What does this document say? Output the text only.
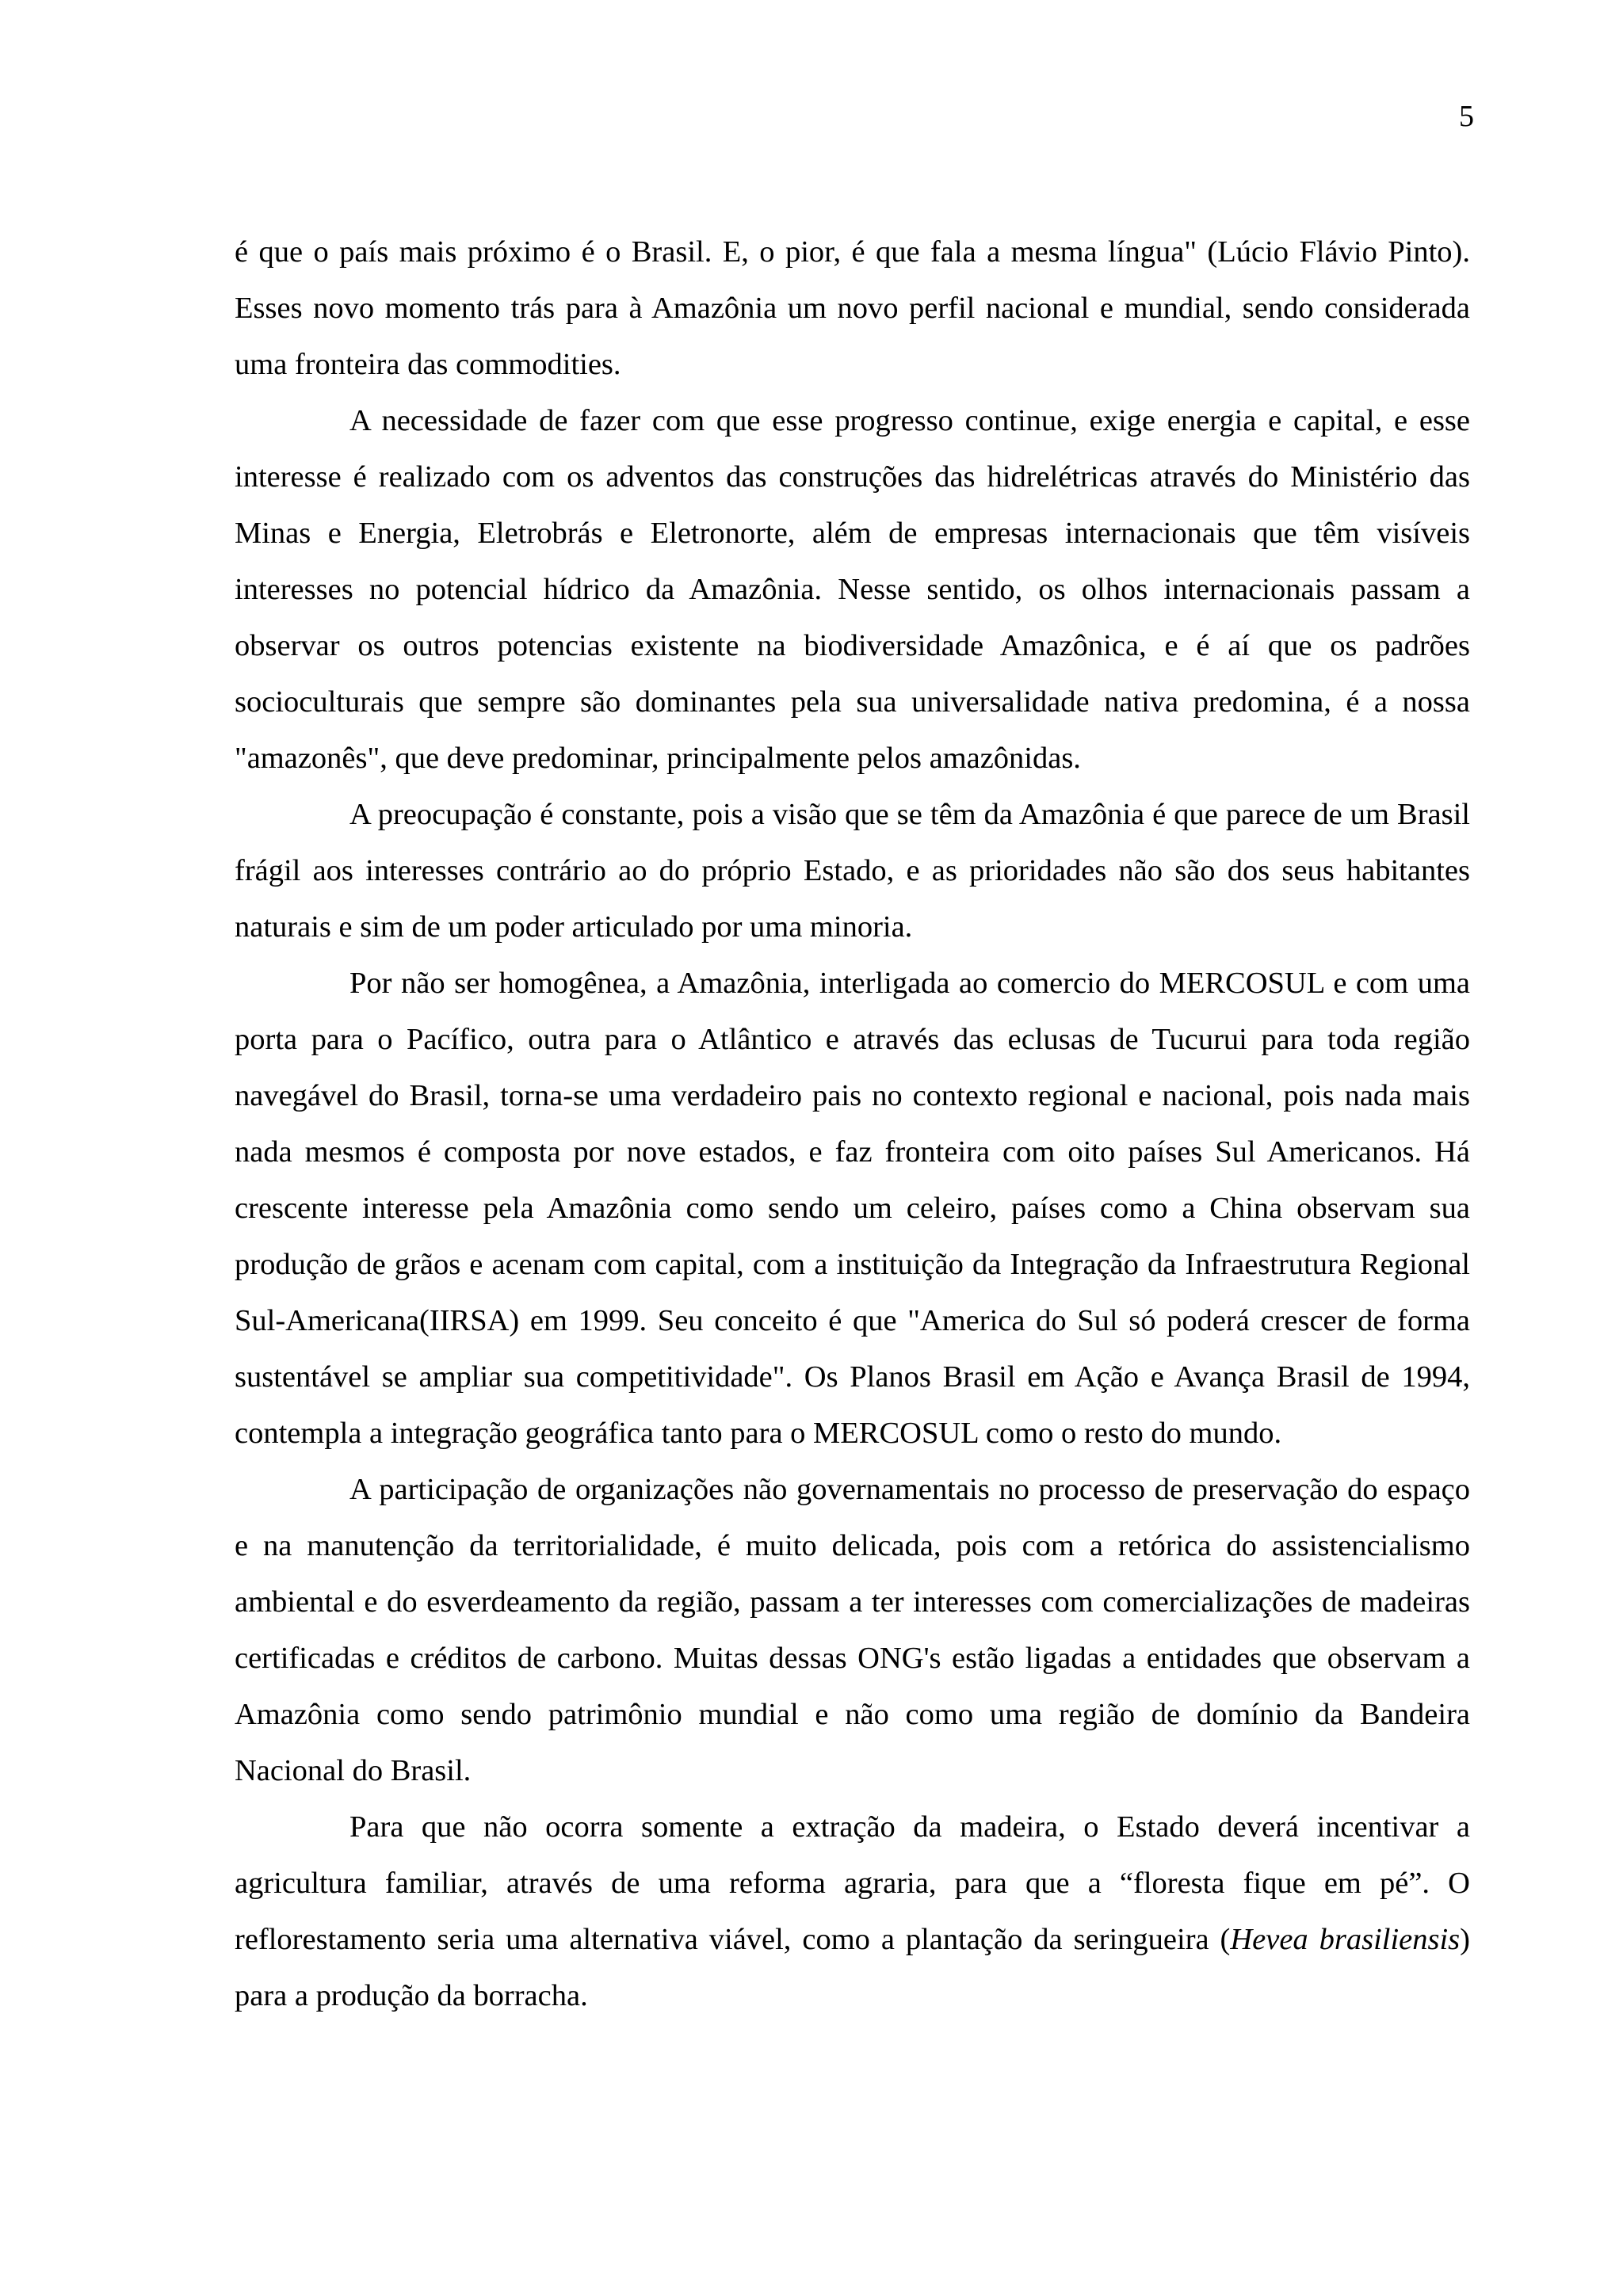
5

é que o país mais próximo é o Brasil. E, o pior, é que fala a mesma língua" (Lúcio Flávio Pinto). Esses novo momento trás para à Amazônia um novo perfil nacional e mundial, sendo considerada uma fronteira das commodities.

A necessidade de fazer com que esse progresso continue, exige energia e capital, e esse interesse é realizado com os adventos das construções das hidrelétricas através do Ministério das Minas e Energia, Eletrobrás e Eletronorte, além de empresas internacionais que têm visíveis interesses no potencial hídrico da Amazônia. Nesse sentido, os olhos internacionais passam a observar os outros potencias existente na biodiversidade Amazônica, e é aí que os padrões socioculturais que sempre são dominantes pela sua universalidade nativa predomina, é a nossa "amazonês", que deve predominar, principalmente pelos amazônidas.

A preocupação é constante, pois a visão que se têm da Amazônia é que parece de um Brasil frágil aos interesses contrário ao do próprio Estado, e as prioridades não são dos seus habitantes naturais e sim de um poder articulado por uma minoria.

Por não ser homogênea, a Amazônia, interligada ao comercio do MERCOSUL e com uma porta para o Pacífico, outra para o Atlântico e através das eclusas de Tucurui para toda região navegável do Brasil, torna-se uma verdadeiro pais no contexto regional e nacional, pois nada mais nada mesmos é composta por nove estados, e faz fronteira com oito países Sul Americanos. Há crescente interesse pela Amazônia como sendo um celeiro, países como a China observam sua produção de grãos e acenam com capital, com a instituição da Integração da Infraestrutura Regional Sul-Americana(IIRSA) em 1999. Seu conceito é que "America do Sul só poderá crescer de forma sustentável se ampliar sua competitividade". Os Planos Brasil em Ação e Avança Brasil de 1994, contempla a integração geográfica tanto para o MERCOSUL como o resto do mundo.

A participação de organizações não governamentais no processo de preservação do espaço e na manutenção da territorialidade, é muito delicada, pois com a retórica do assistencialismo ambiental e do esverdeamento da região, passam a ter interesses com comercializações de madeiras certificadas e créditos de carbono. Muitas dessas ONG's estão ligadas a entidades que observam a Amazônia como sendo patrimônio mundial e não como uma região de domínio da Bandeira Nacional do Brasil.

Para que não ocorra somente a extração da madeira, o Estado deverá incentivar a agricultura familiar, através de uma reforma agraria, para que a “floresta fique em pé”. O reflorestamento seria uma alternativa viável, como a plantação da seringueira (Hevea brasiliensis) para a produção da borracha.
